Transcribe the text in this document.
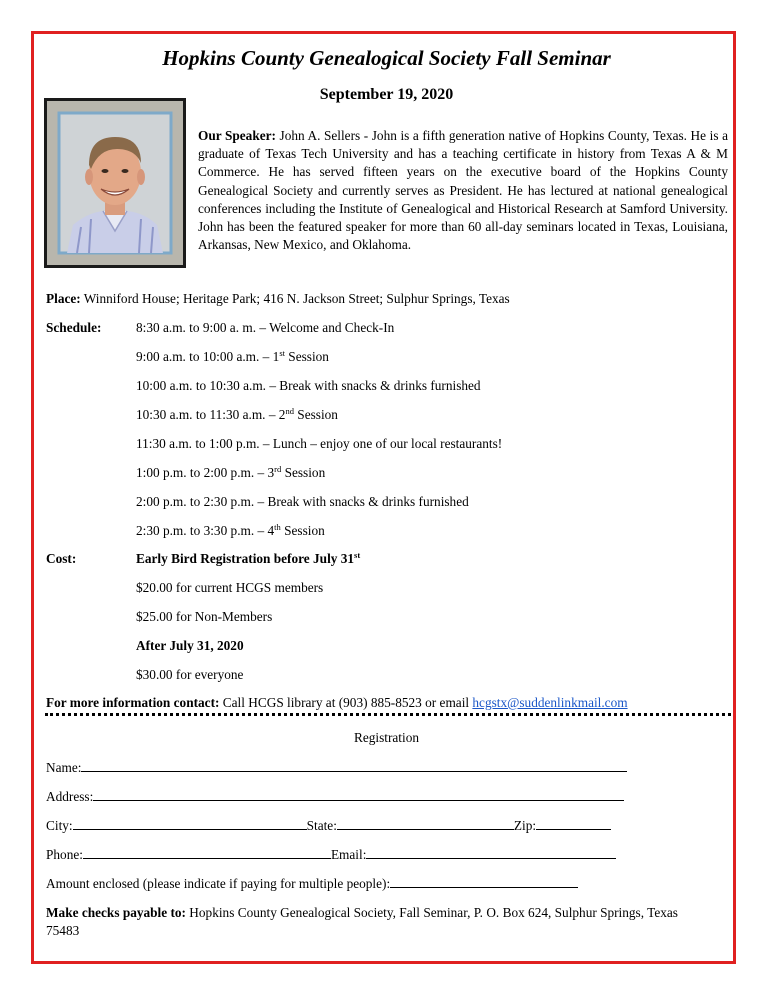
Hopkins County Genealogical Society Fall Seminar
September 19, 2020
Our Speaker: John A. Sellers - John is a fifth generation native of Hopkins County, Texas. He is a graduate of Texas Tech University and has a teaching certificate in history from Texas A & M Commerce. He has served fifteen years on the executive board of the Hopkins County Genealogical Society and currently serves as President. He has lectured at national genealogical conferences including the Institute of Genealogical and Historical Research at Samford University. John has been the featured speaker for more than 60 all-day seminars located in Texas, Louisiana, Arkansas, New Mexico, and Oklahoma.
Place: Winniford House; Heritage Park; 416 N. Jackson Street; Sulphur Springs, Texas
Schedule:	8:30 a.m. to 9:00 a. m. – Welcome and Check-In
9:00 a.m. to 10:00 a.m. – 1st Session
10:00 a.m. to 10:30 a.m. – Break with snacks & drinks furnished
10:30 a.m. to 11:30 a.m. – 2nd Session
11:30 a.m. to 1:00 p.m. – Lunch – enjoy one of our local restaurants!
1:00 p.m. to 2:00 p.m. – 3rd Session
2:00 p.m. to 2:30 p.m. – Break with snacks & drinks furnished
2:30 p.m. to 3:30 p.m. – 4th Session
Cost:	Early Bird Registration before July 31st
$20.00 for current HCGS members
$25.00 for Non-Members
After July 31, 2020
$30.00 for everyone
For more information contact: Call HCGS library at (903) 885-8523 or email hcgstx@suddenlinkmail.com
Registration
Name:
Address:
City:	State:	Zip:
Phone:	Email:
Amount enclosed (please indicate if paying for multiple people):
Make checks payable to: Hopkins County Genealogical Society, Fall Seminar, P. O. Box 624, Sulphur Springs, Texas 75483
